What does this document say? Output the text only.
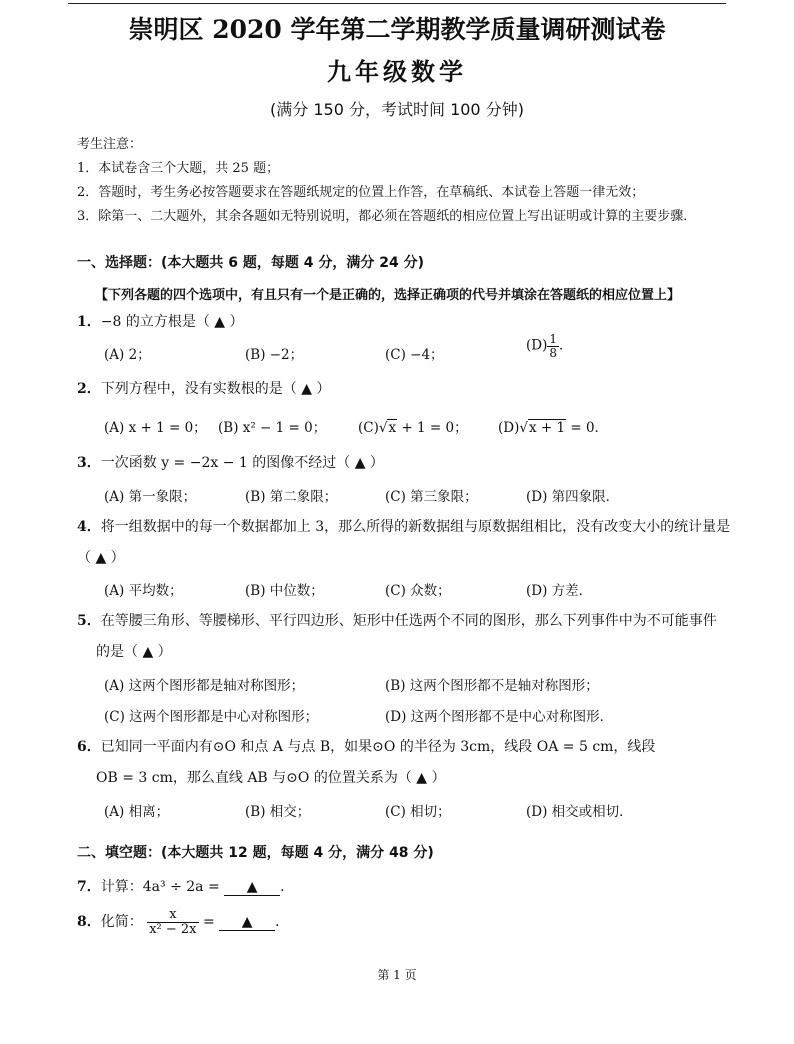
崇明区 2020 学年第二学期教学质量调研测试卷
九年级数学
(满分 150 分，考试时间 100 分钟)
考生注意：
1．本试卷含三个大题，共 25 题；
2．答题时，考生务必按答题要求在答题纸规定的位置上作答，在草稿纸、本试卷上答题一律无效；
3．除第一、二大题外，其余各题如无特别说明，都必须在答题纸的相应位置上写出证明或计算的主要步骤．
一、选择题：(本大题共 6 题，每题 4 分，满分 24 分)
【下列各题的四个选项中，有且只有一个是正确的，选择正确项的代号并填涂在答题纸的相应位置上】
1．−8 的立方根是（ ▲ ）
(A) 2；	(B) −2；	(C) −4；
$(D) \frac{1}{8}$ ．
2．下列方程中，没有实数根的是（ ▲ ）
(A) x + 1 = 0； (B) x² − 1 = 0； (C)√x + 1 = 0； (D)√x + 1 = 0．
3．一次函数 y = −2x − 1 的图像不经过（ ▲ ）
(A) 第一象限；	(B) 第二象限；	(C) 第三象限；	(D) 第四象限．
4．将一组数据中的每一个数据都加上 3，那么所得的新数据组与原数据组相比，没有改变大小的统计量是
（ ▲ ）
(A) 平均数；	(B) 中位数；	(C) 众数；	(D) 方差．
5．在等腰三角形、等腰梯形、平行四边形、矩形中任选两个不同的图形，那么下列事件中为不可能事件
的是（ ▲ ）
(A) 这两个图形都是轴对称图形；	(B) 这两个图形都不是轴对称图形；
(C) 这两个图形都是中心对称图形；	(D) 这两个图形都不是中心对称图形．
6．已知同一平面内有⊙O 和点 A 与点 B，如果⊙O 的半径为 3cm，线段 OA = 5 cm，线段
OB = 3 cm，那么直线 AB 与⊙O 的位置关系为（ ▲ ）
(A) 相离；	(B) 相交；	(C) 相切；	(D) 相交或相切．
二、填空题：(本大题共 12 题，每题 4 分，满分 48 分)
7．计算：4a³ ÷ 2a = ▲ ．
8．化简： $\frac{x}{\text{x² − 2x}}$ = ▲ ．
第 1 页
